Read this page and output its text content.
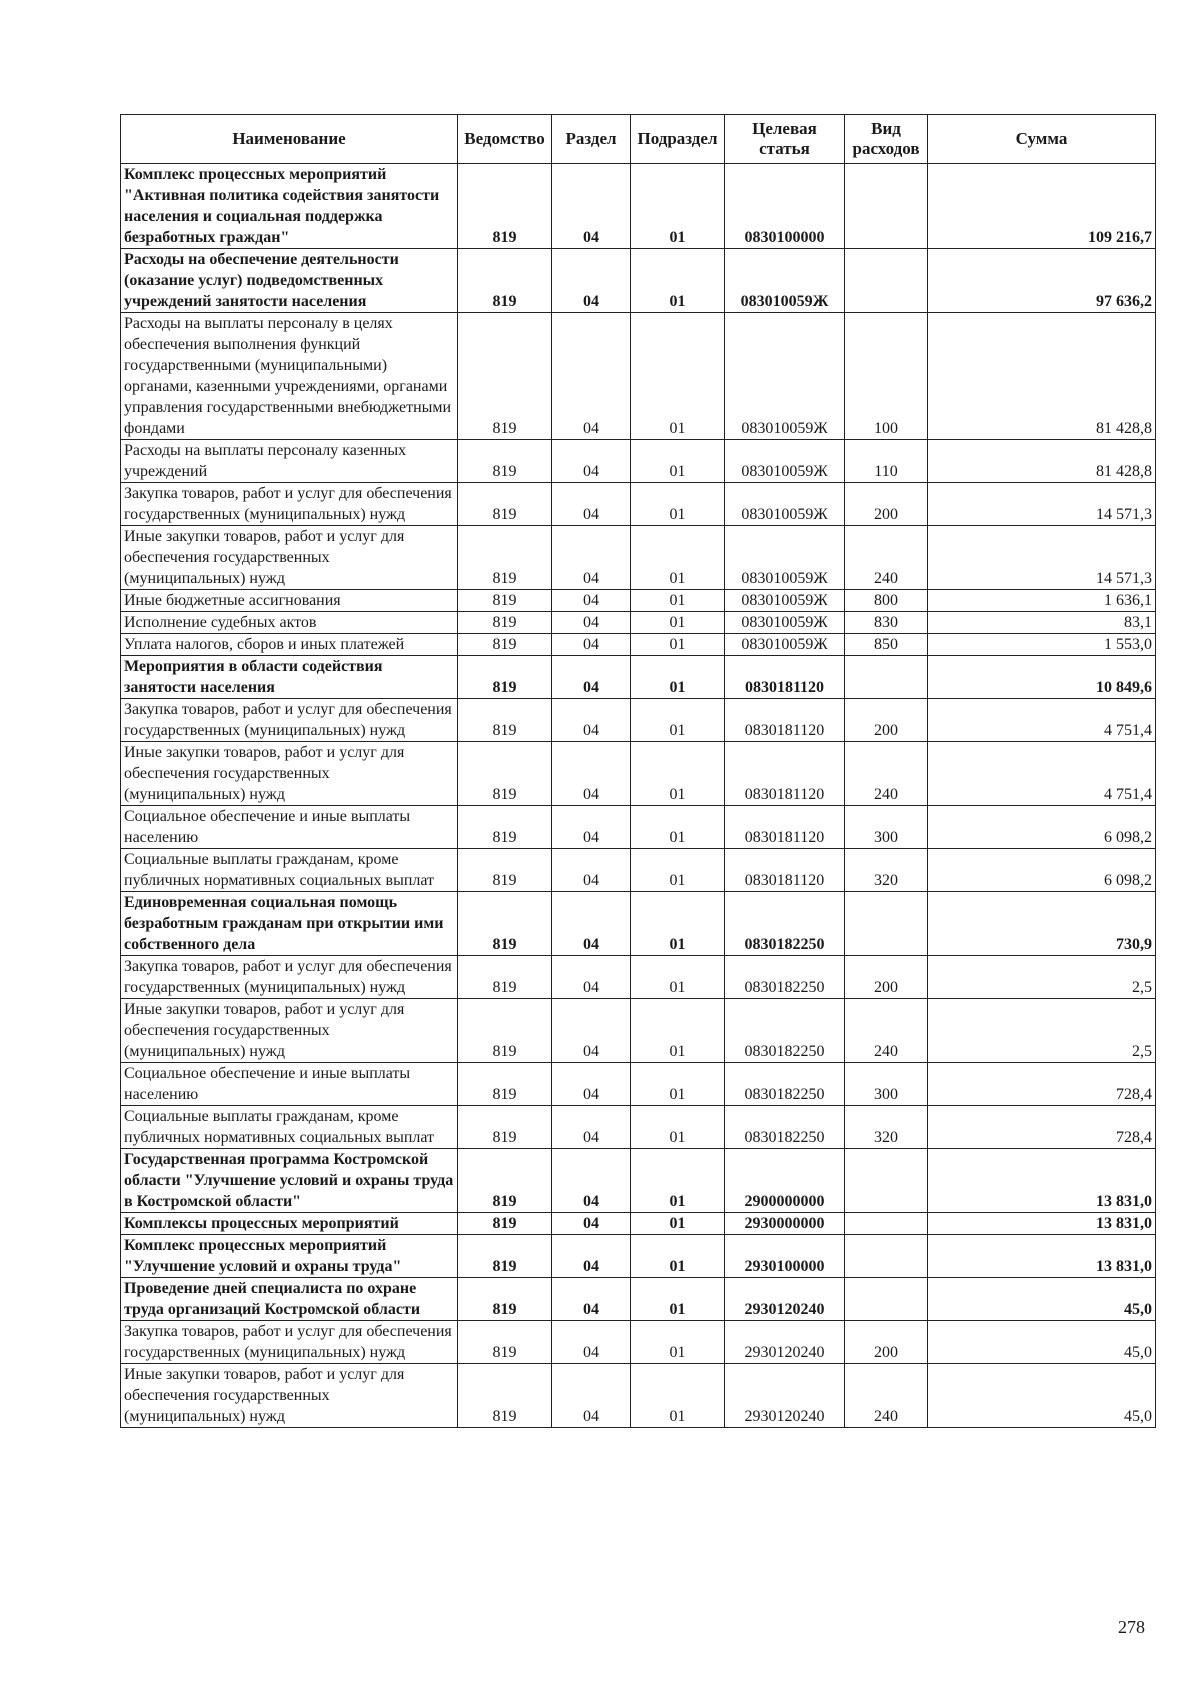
Наименование	Ведомство	Раздел	Подраздел	Целевая статья	Вид расходов	Сумма
Комплекс процессных мероприятий "Активная политика содействия занятости населения и социальная поддержка безработных граждан"	819	04	01	0830100000		109 216,7
Расходы на обеспечение деятельности (оказание услуг) подведомственных учреждений занятости населения	819	04	01	083010059Ж		97 636,2
Расходы на выплаты персоналу в целях обеспечения выполнения функций государственными (муниципальными) органами, казенными учреждениями, органами управления государственными внебюджетными фондами	819	04	01	083010059Ж	100	81 428,8
Расходы на выплаты персоналу казенных учреждений	819	04	01	083010059Ж	110	81 428,8
Закупка товаров, работ и услуг для обеспечения государственных (муниципальных) нужд	819	04	01	083010059Ж	200	14 571,3
Иные закупки товаров, работ и услуг для обеспечения государственных (муниципальных) нужд	819	04	01	083010059Ж	240	14 571,3
Иные бюджетные ассигнования	819	04	01	083010059Ж	800	1 636,1
Исполнение судебных актов	819	04	01	083010059Ж	830	83,1
Уплата налогов, сборов и иных платежей	819	04	01	083010059Ж	850	1 553,0
Мероприятия в области содействия занятости населения	819	04	01	0830181120		10 849,6
Закупка товаров, работ и услуг для обеспечения государственных (муниципальных) нужд	819	04	01	0830181120	200	4 751,4
Иные закупки товаров, работ и услуг для обеспечения государственных (муниципальных) нужд	819	04	01	0830181120	240	4 751,4
Социальное обеспечение и иные выплаты населению	819	04	01	0830181120	300	6 098,2
Социальные выплаты гражданам, кроме публичных нормативных социальных выплат	819	04	01	0830181120	320	6 098,2
Единовременная социальная помощь безработным гражданам при открытии ими собственного дела	819	04	01	0830182250		730,9
Закупка товаров, работ и услуг для обеспечения государственных (муниципальных) нужд	819	04	01	0830182250	200	2,5
Иные закупки товаров, работ и услуг для обеспечения государственных (муниципальных) нужд	819	04	01	0830182250	240	2,5
Социальное обеспечение и иные выплаты населению	819	04	01	0830182250	300	728,4
Социальные выплаты гражданам, кроме публичных нормативных социальных выплат	819	04	01	0830182250	320	728,4
Государственная программа Костромской области "Улучшение условий и охраны труда в Костромской области"	819	04	01	2900000000		13 831,0
Комплексы процессных мероприятий	819	04	01	2930000000		13 831,0
Комплекс процессных мероприятий "Улучшение условий и охраны труда"	819	04	01	2930100000		13 831,0
Проведение дней специалиста по охране труда организаций Костромской области	819	04	01	2930120240		45,0
Закупка товаров, работ и услуг для обеспечения государственных (муниципальных) нужд	819	04	01	2930120240	200	45,0
Иные закупки товаров, работ и услуг для обеспечения государственных (муниципальных) нужд	819	04	01	2930120240	240	45,0
278
